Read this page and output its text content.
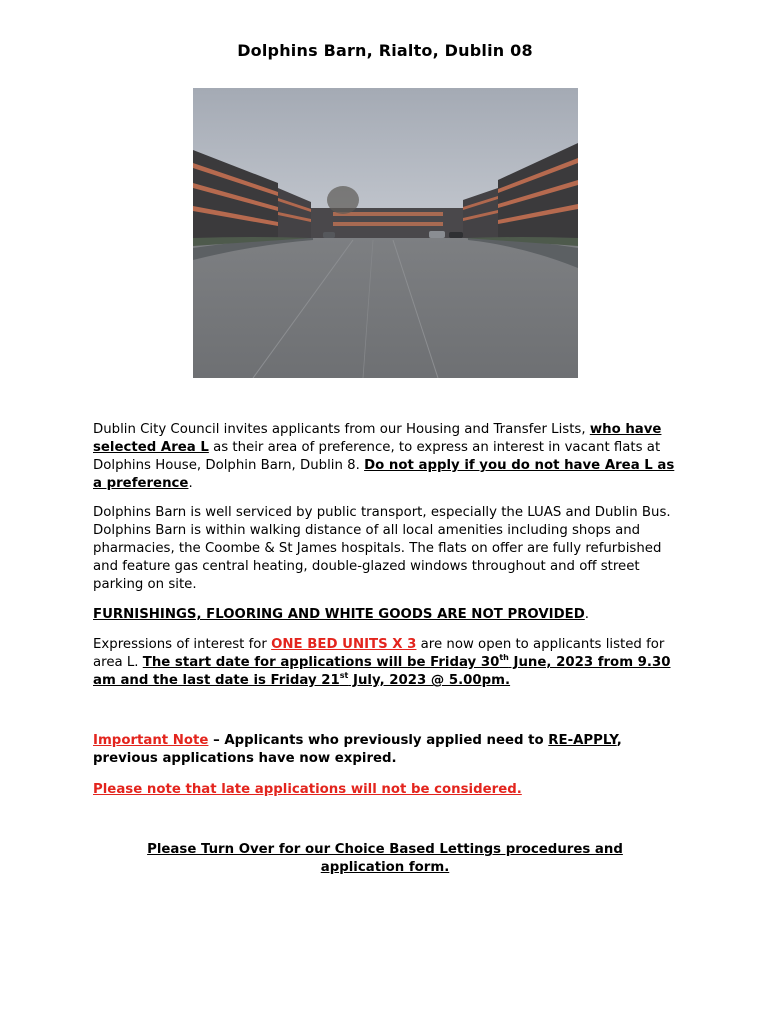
Dolphins Barn, Rialto, Dublin 08

Dublin City Council invites applicants from our Housing and Transfer Lists, who have selected Area L as their area of preference, to express an interest in vacant flats at Dolphins House, Dolphin Barn, Dublin 8. Do not apply if you do not have Area L as a preference.

Dolphins Barn is well serviced by public transport, especially the LUAS and Dublin Bus. Dolphins Barn is within walking distance of all local amenities including shops and pharmacies, the Coombe & St James hospitals. The flats on offer are fully refurbished and feature gas central heating, double-glazed windows throughout and off street parking on site.

FURNISHINGS, FLOORING AND WHITE GOODS ARE NOT PROVIDED.

Expressions of interest for ONE BED UNITS X 3 are now open to applicants listed for area L. The start date for applications will be Friday 30th June, 2023 from 9.30 am and the last date is Friday 21st July, 2023 @ 5.00pm.

Important Note – Applicants who previously applied need to RE-APPLY, previous applications have now expired.

Please note that late applications will not be considered.

Please Turn Over for our Choice Based Lettings procedures and application form.
